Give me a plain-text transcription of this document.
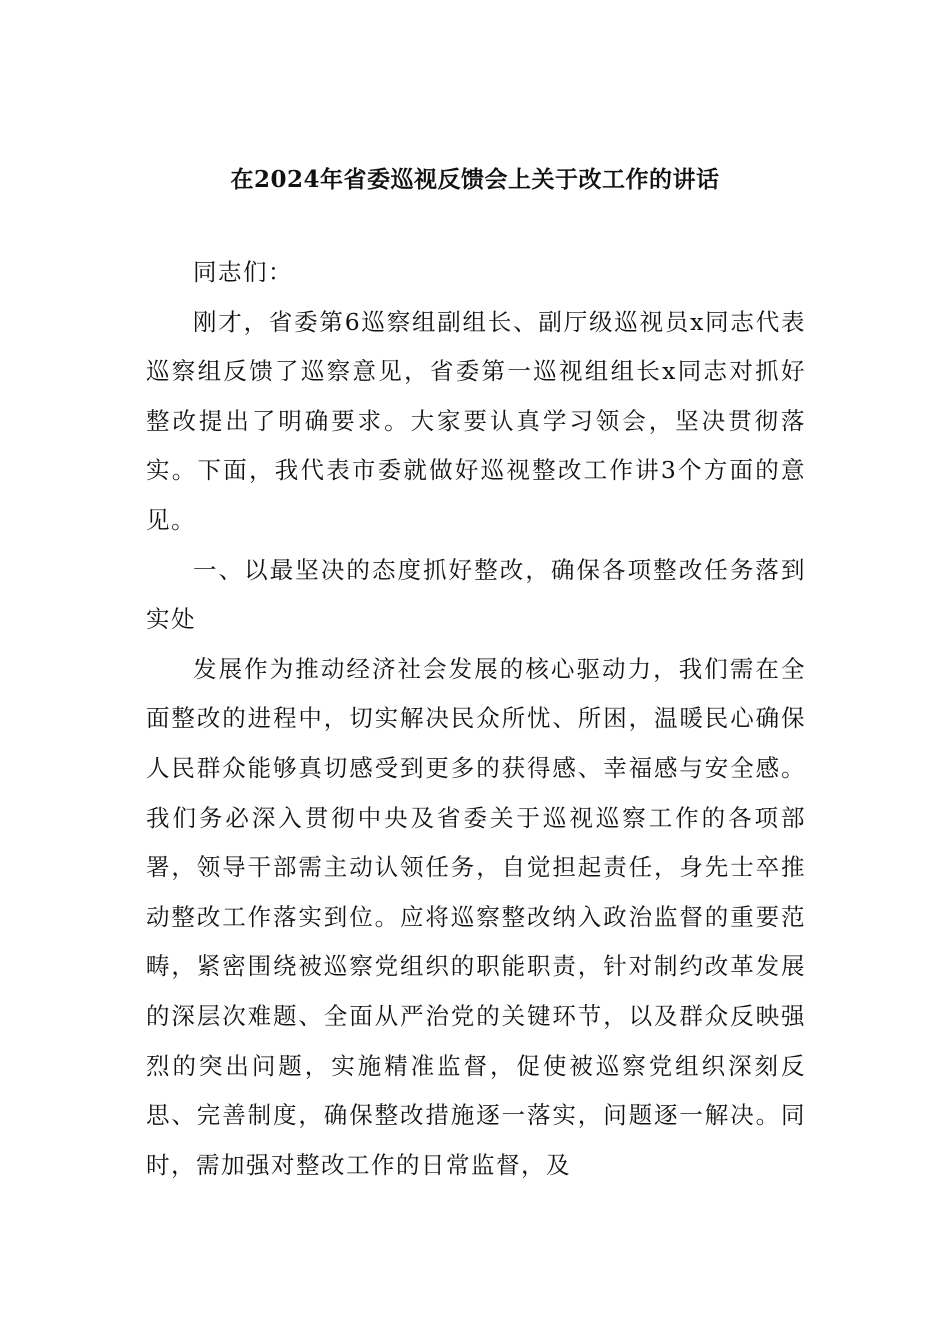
在2024年省委巡视反馈会上关于改工作的讲话

同志们：

刚才，省委第6巡察组副组长、副厅级巡视员x同志代表巡察组反馈了巡察意见，省委第一巡视组组长x同志对抓好整改提出了明确要求。大家要认真学习领会，坚决贯彻落实。下面，我代表市委就做好巡视整改工作讲3个方面的意见。

一、以最坚决的态度抓好整改，确保各项整改任务落到实处

发展作为推动经济社会发展的核心驱动力，我们需在全面整改的进程中，切实解决民众所忧、所困，温暖民心确保人民群众能够真切感受到更多的获得感、幸福感与安全感。我们务必深入贯彻中央及省委关于巡视巡察工作的各项部署，领导干部需主动认领任务，自觉担起责任，身先士卒推动整改工作落实到位。应将巡察整改纳入政治监督的重要范畴，紧密围绕被巡察党组织的职能职责，针对制约改革发展的深层次难题、全面从严治党的关键环节，以及群众反映强烈的突出问题，实施精准监督，促使被巡察党组织深刻反思、完善制度，确保整改措施逐一落实，问题逐一解决。同时，需加强对整改工作的日常监督，及
